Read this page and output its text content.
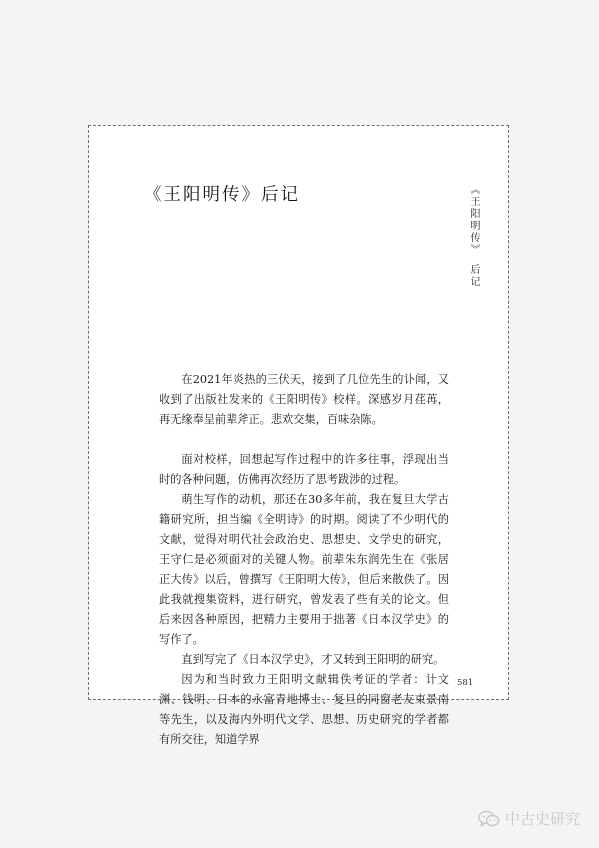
《王阳明传》后记	《王阳明传》后记

在2021年炎热的三伏天，接到了几位先生的讣闻，又收到了出版社发来的《王阳明传》校样。深感岁月荏苒，再无缘奉呈前辈斧正。悲欢交集，百味杂陈。

面对校样，回想起写作过程中的许多往事，浮现出当时的各种问题，仿佛再次经历了思考跋涉的过程。

萌生写作的动机，那还在30多年前，我在复旦大学古籍研究所，担当编《全明诗》的时期。阅读了不少明代的文献，觉得对明代社会政治史、思想史、文学史的研究，王守仁是必须面对的关键人物。前辈朱东润先生在《张居正大传》以后，曾撰写《王阳明大传》，但后来散佚了。因此我就搜集资料，进行研究，曾发表了些有关的论文。但后来因各种原因，把精力主要用于拙著《日本汉学史》的写作了。

直到写完了《日本汉学史》，才又转到王阳明的研究。

因为和当时致力王阳明文献辑佚考证的学者：计文渊、钱明、日本的永富青地博士、复旦的同窗老友束景南等先生，以及海内外明代文学、思想、历史研究的学者都有所交往，知道学界

581
中古史研究
